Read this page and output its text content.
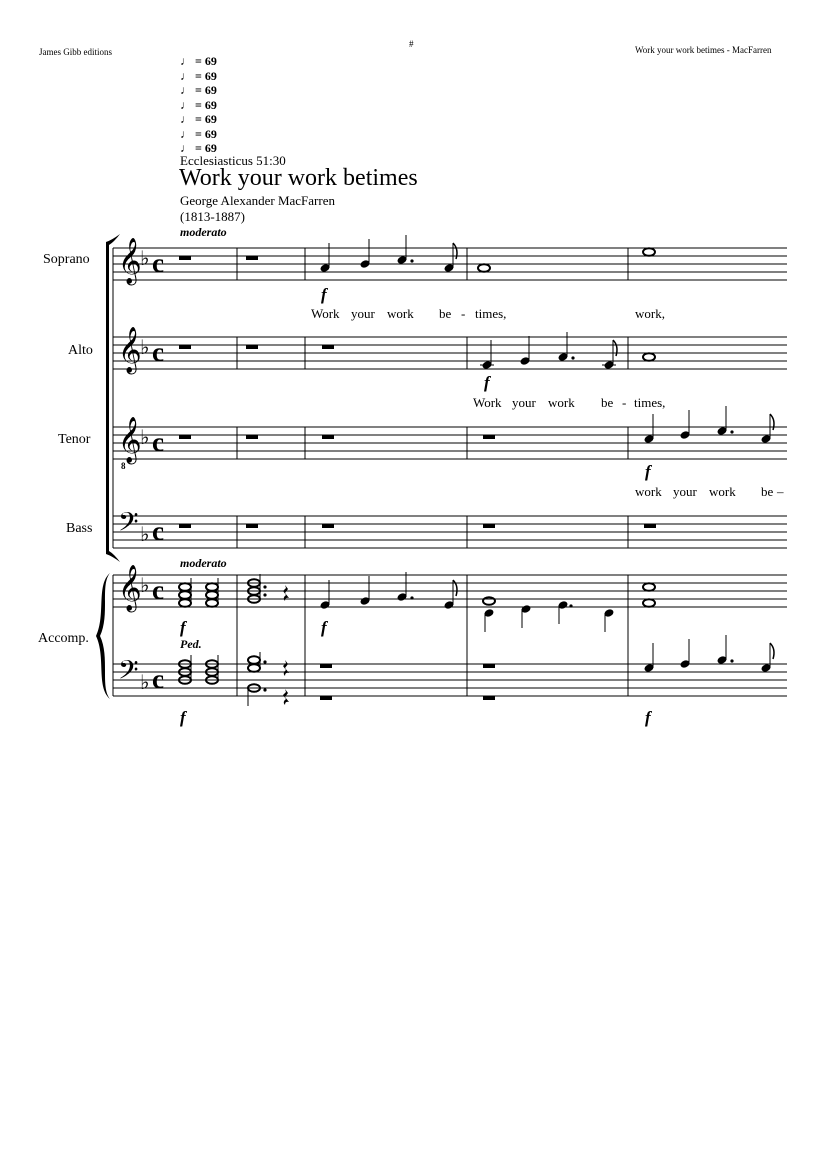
James Gibb editions
#
Work your work betimes - MacFarren
♩ = 69
♩ = 69
♩ = 69
♩ = 69
♩ = 69
♩ = 69
♩ = 69
Ecclesiasticus 51:30
Work your work betimes
George Alexander MacFarren
(1813-1887)
moderato
moderato
Soprano
Alto
Tenor
Bass
Accomp.
𝄞
𝄞
𝄞
𝄢
𝄞
𝄢
8
♭
♭
♭
♭
♭
♭
c
c
c
c
c
c
f
f
f
f	f
f	f
Ped.
Work your work be - times,	work,
Work your work be - times,
work your work be –
